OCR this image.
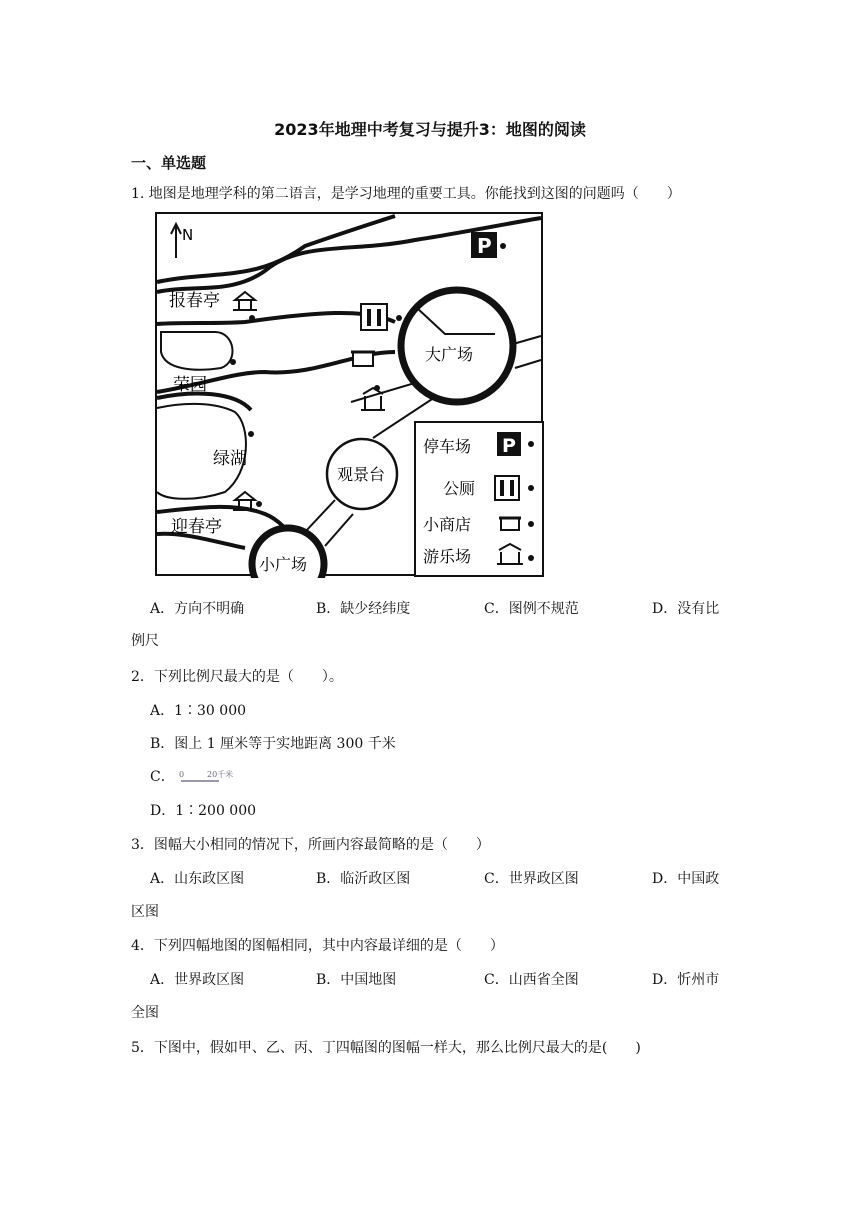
2023年地理中考复习与提升3：地图的阅读
一、单选题
1. 地图是地理学科的第二语言，是学习地理的重要工具。你能找到这图的问题吗（　　）
大广场
观景台
小广场
报春亭
荣园
绿湖
迎春亭
N	P
停车场 P
公厕
小商店
游乐场
A．方向不明确	B．缺少经纬度	C．图例不规范	D．没有比
例尺
2．下列比例尺最大的是（　　）。
A．1∶30 000
B．图上 1 厘米等于实地距离 300 千米
C． 0	20千米
D．1∶200 000
3．图幅大小相同的情况下，所画内容最简略的是（　　）
A．山东政区图	B．临沂政区图	C．世界政区图	D．中国政
区图
4．下列四幅地图的图幅相同，其中内容最详细的是（　　）
A．世界政区图	B．中国地图	C．山西省全图	D．忻州市
全图
5．下图中，假如甲、乙、丙、丁四幅图的图幅一样大，那么比例尺最大的是(　　)
